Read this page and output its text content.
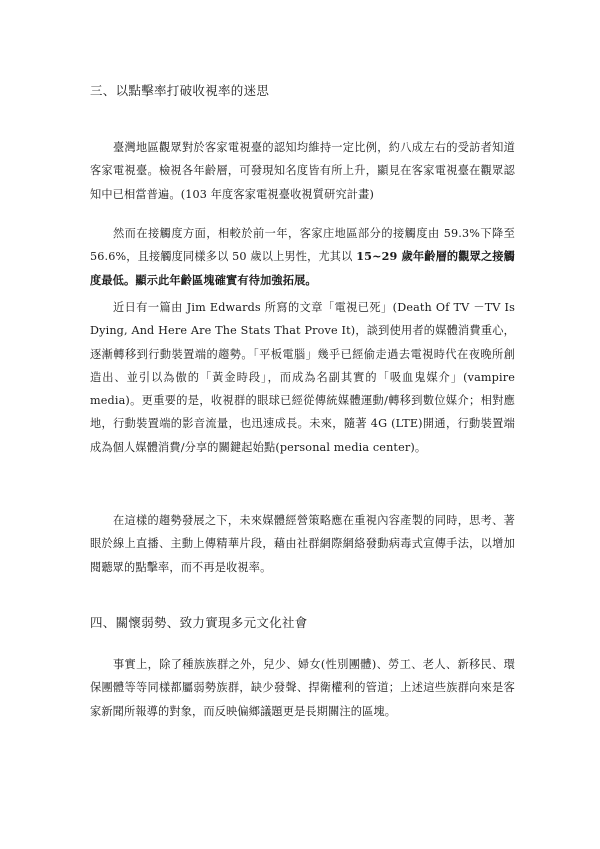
三、以點擊率打破收視率的迷思

臺灣地區觀眾對於客家電視臺的認知均維持一定比例，約八成左右的受訪者知道客家電視臺。檢視各年齡層，可發現知名度皆有所上升，顯見在客家電視臺在觀眾認知中已相當普遍。(103 年度客家電視臺收視質研究計畫)

然而在接觸度方面，相較於前一年，客家庄地區部分的接觸度由 59.3%下降至 56.6%，且接觸度同樣多以 50 歲以上男性，尤其以 15~29 歲年齡層的觀眾之接觸度最低。顯示此年齡區塊確實有待加強拓展。

近日有一篇由 Jim Edwards 所寫的文章「電視已死」(Death Of TV －TV Is Dying, And Here Are The Stats That Prove It)，談到使用者的媒體消費重心，逐漸轉移到行動裝置端的趨勢。「平板電腦」幾乎已經偷走過去電視時代在夜晚所創造出、並引以為傲的「黃金時段」，而成為名副其實的「吸血鬼媒介」(vampire media)。更重要的是，收視群的眼球已經從傳統媒體運動/轉移到數位媒介；相對應地，行動裝置端的影音流量，也迅速成長。未來，隨著 4G (LTE)開通，行動裝置端成為個人媒體消費/分享的關鍵起始點(personal media center)。

在這樣的趨勢發展之下，未來媒體經營策略應在重視內容產製的同時，思考、著眼於線上直播、主動上傳精華片段，藉由社群網際網絡發動病毒式宣傳手法，以增加閱聽眾的點擊率，而不再是收視率。

四、關懷弱勢、致力實現多元文化社會

事實上，除了種族族群之外，兒少、婦女(性別團體)、勞工、老人、新移民、環保團體等等同樣都屬弱勢族群，缺少發聲、捍衛權利的管道；上述這些族群向來是客家新聞所報導的對象，而反映偏鄉議題更是長期關注的區塊。
